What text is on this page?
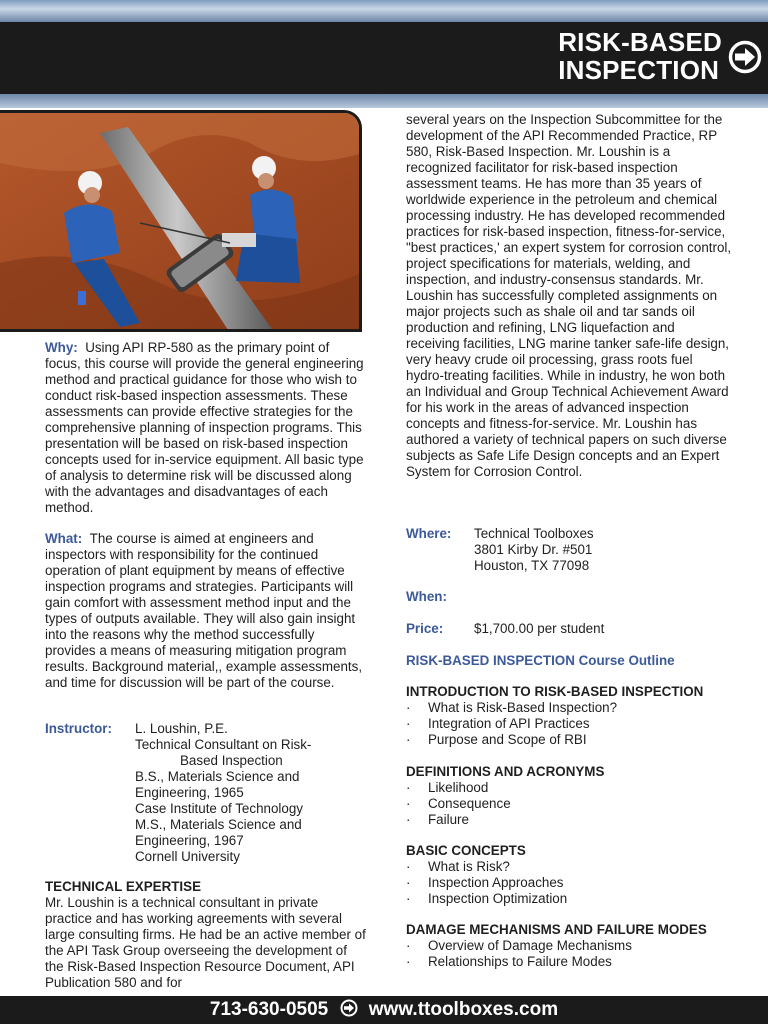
RISK-BASED
INSPECTION
Why: Using API RP-580 as the primary point of focus, this course will provide the general engineering method and practical guidance for those who wish to conduct risk-based inspection assessments. These assessments can provide effective strategies for the comprehensive planning of inspection programs. This presentation will be based on risk-based inspection concepts used for in-service equipment. All basic type of analysis to determine risk will be discussed along with the advantages and disadvantages of each method.
What: The course is aimed at engineers and inspectors with responsibility for the continued operation of plant equipment by means of effective inspection programs and strategies. Participants will gain comfort with assessment method input and the types of outputs available. They will also gain insight into the reasons why the method successfully provides a means of measuring mitigation program results. Background material,, example assessments, and time for discussion will be part of the course.
Instructor:	L. Loushin, P.E.
Technical Consultant on Risk-
Based Inspection
B.S., Materials Science and
Engineering, 1965
Case Institute of Technology
M.S., Materials Science and
Engineering, 1967
Cornell University
TECHNICAL EXPERTISE
Mr. Loushin is a technical consultant in private practice and has working agreements with several large consulting firms. He had be an active member of the API Task Group overseeing the development of the Risk-Based Inspection Resource Document, API Publication 580 and for
several years on the Inspection Subcommittee for the development of the API Recommended Practice, RP 580, Risk-Based Inspection. Mr. Loushin is a recognized facilitator for risk-based inspection assessment teams. He has more than 35 years of worldwide experience in the petroleum and chemical processing industry. He has developed recommended practices for risk-based inspection, fitness-for-service, "best practices,' an expert system for corrosion control, project specifications for materials, welding, and inspection, and industry-consensus standards. Mr. Loushin has successfully completed assignments on major projects such as shale oil and tar sands oil production and refining, LNG liquefaction and receiving facilities, LNG marine tanker safe-life design, very heavy crude oil processing, grass roots fuel hydro-treating facilities. While in industry, he won both an Individual and Group Technical Achievement Award for his work in the areas of advanced inspection concepts and fitness-for-service. Mr. Loushin has authored a variety of technical papers on such diverse subjects as Safe Life Design concepts and an Expert System for Corrosion Control.
Where:	Technical Toolboxes
3801 Kirby Dr. #501
Houston, TX 77098
When:
Price:	$1,700.00 per student
RISK-BASED INSPECTION Course Outline
INTRODUCTION TO RISK-BASED INSPECTION
·	What is Risk-Based Inspection?
·	Integration of API Practices
·	Purpose and Scope of RBI
DEFINITIONS AND ACRONYMS
·	Likelihood
·	Consequence
·	Failure
BASIC CONCEPTS
·	What is Risk?
·	Inspection Approaches
·	Inspection Optimization
DAMAGE MECHANISMS AND FAILURE MODES
·	Overview of Damage Mechanisms
·	Relationships to Failure Modes
713-630-0505 www.ttoolboxes.com
